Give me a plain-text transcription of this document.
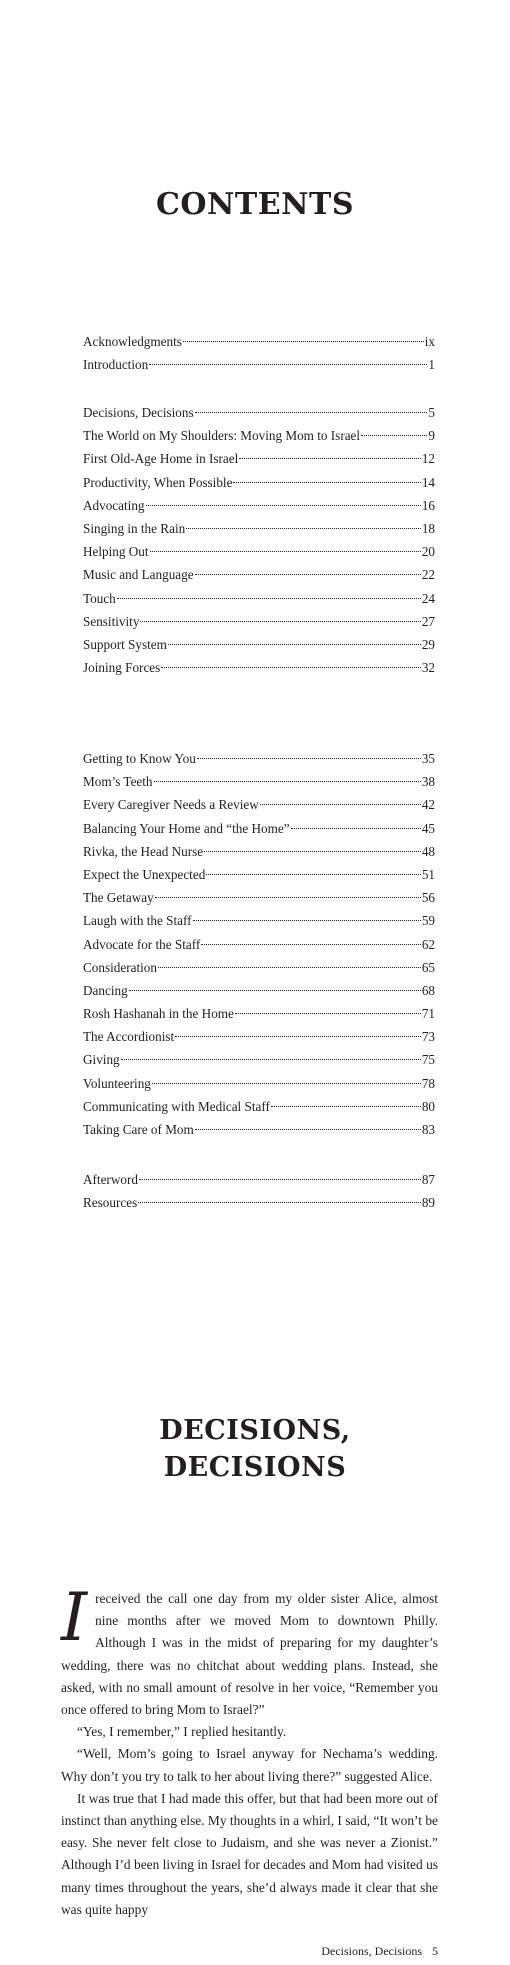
CONTENTS
Acknowledgments	ix
Introduction	1
Decisions, Decisions	5
The World on My Shoulders: Moving Mom to Israel	9
First Old-Age Home in Israel	12
Productivity, When Possible	14
Advocating	16
Singing in the Rain	18
Helping Out	20
Music and Language	22
Touch	24
Sensitivity	27
Support System	29
Joining Forces	32
Getting to Know You	35
Mom’s Teeth	38
Every Caregiver Needs a Review	42
Balancing Your Home and “the Home”	45
Rivka, the Head Nurse	48
Expect the Unexpected	51
The Getaway	56
Laugh with the Staff	59
Advocate for the Staff	62
Consideration	65
Dancing	68
Rosh Hashanah in the Home	71
The Accordionist	73
Giving	75
Volunteering	78
Communicating with Medical Staff	80
Taking Care of Mom	83
Afterword	87
Resources	89
DECISIONS,
DECISIONS

Ireceived the call one day from my older sister Alice, almost nine months after we moved Mom to downtown Philly. Although I was in the midst of preparing for my daughter’s wedding, there was no chitchat about wedding plans. Instead, she asked, with no small amount of resolve in her voice, “Remember you once offered to bring Mom to Israel?”

“Yes, I remember,” I replied hesitantly.

“Well, Mom’s going to Israel anyway for Nechama’s wedding. Why don’t you try to talk to her about living there?” suggested Alice.

It was true that I had made this offer, but that had been more out of instinct than anything else. My thoughts in a whirl, I said, “It won’t be easy. She never felt close to Judaism, and she was never a Zionist.” Although I’d been living in Israel for decades and Mom had visited us many times throughout the years, she’d always made it clear that she was quite happy

Decisions, Decisions 5
